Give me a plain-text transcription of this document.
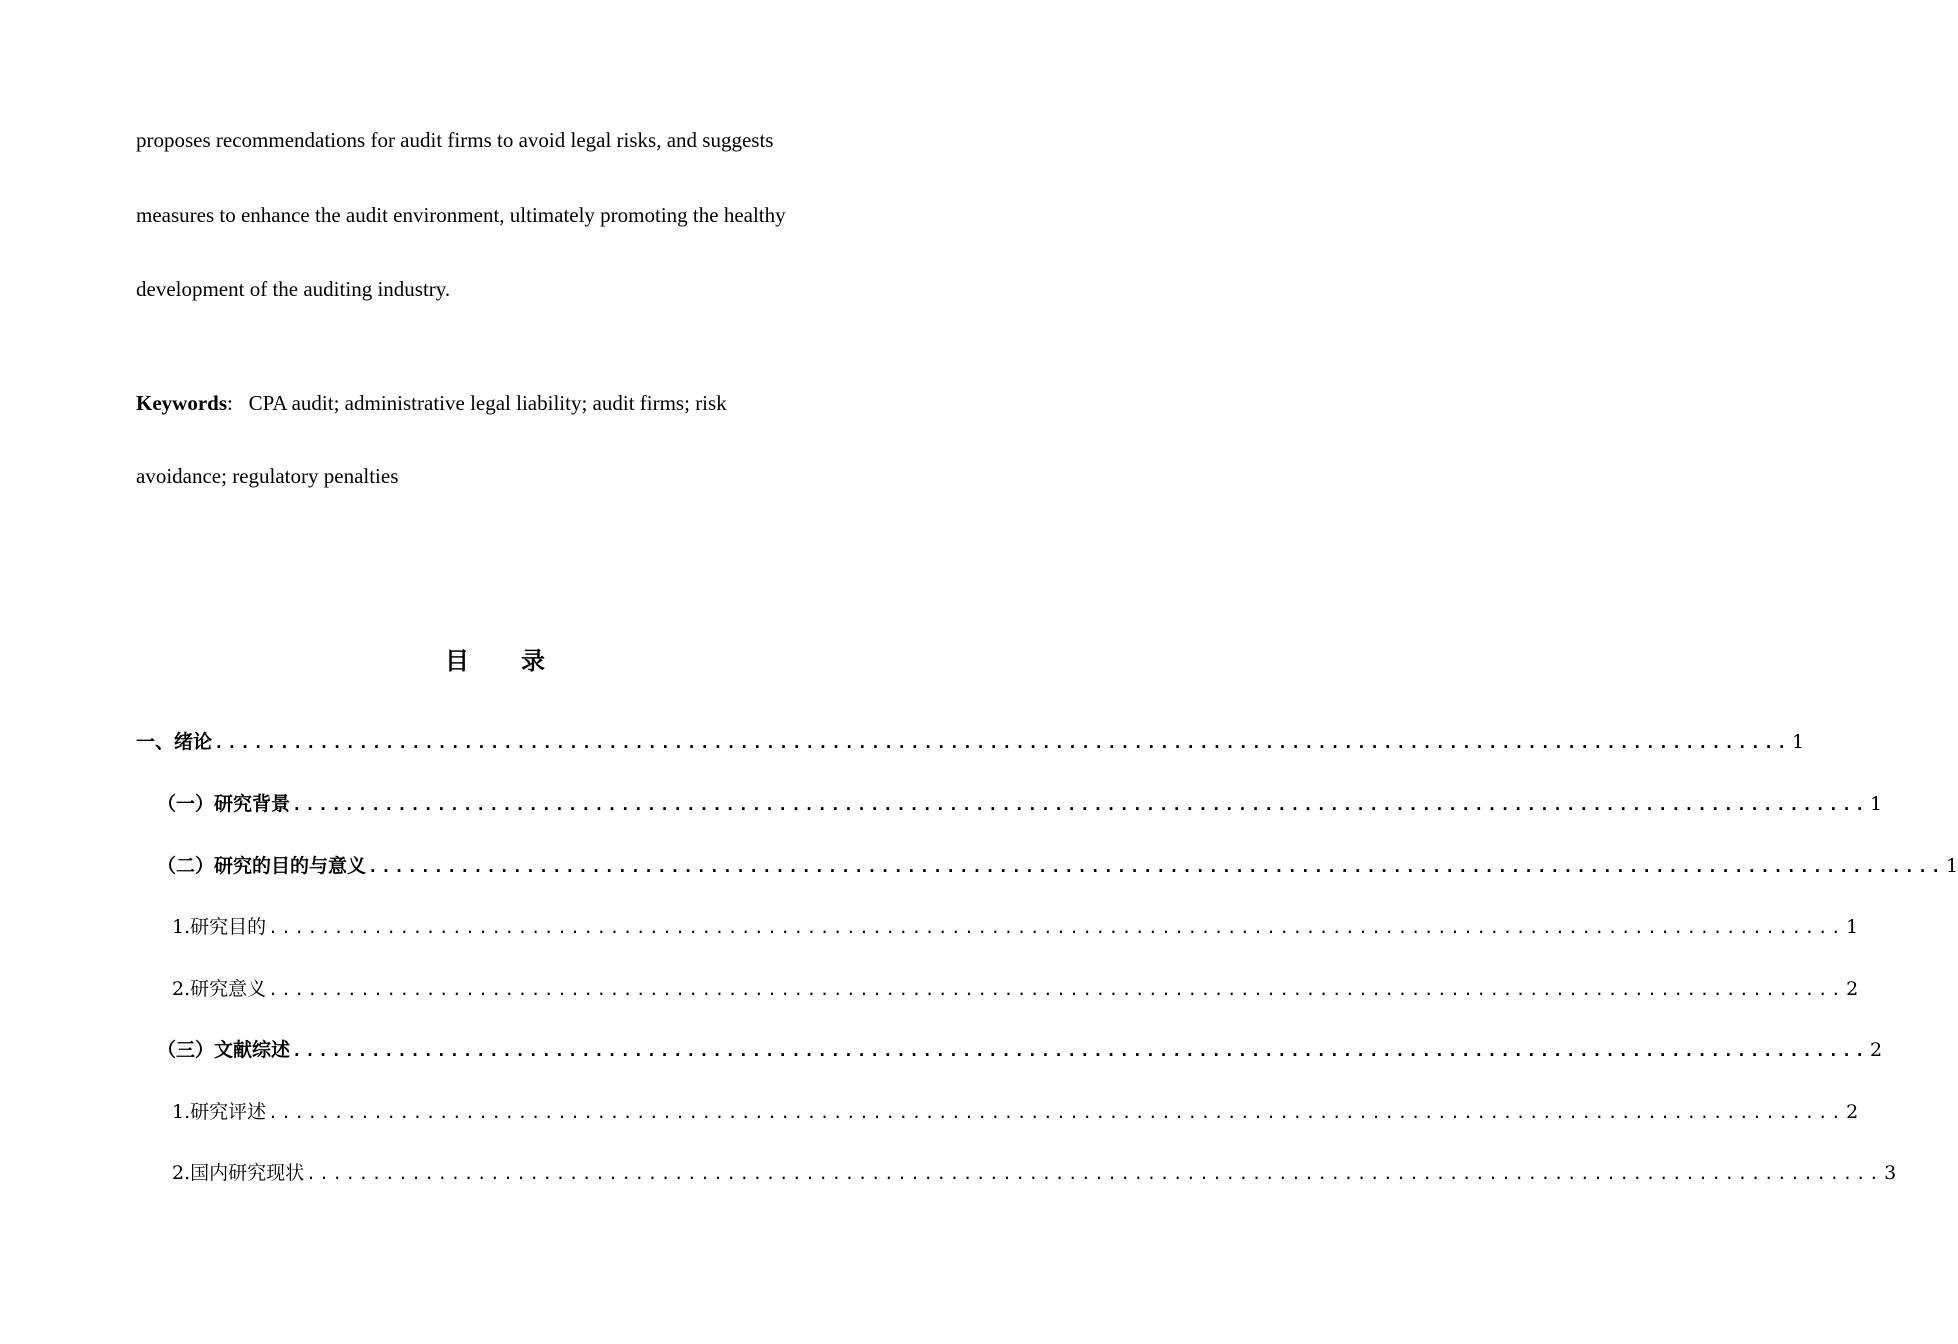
proposes recommendations for audit firms to avoid legal risks, and suggests
measures to enhance the audit environment, ultimately promoting the healthy
development of the auditing industry.
Keywords: CPA audit; administrative legal liability; audit firms; risk
avoidance; regulatory penalties
目 录
一、绪论 ........................................................................................................................ 1
（一）研究背景 ........................................................................................................................ 1
（二）研究的目的与意义 ........................................................................................................................ 1
1.研究目的 ........................................................................................................................ 1
2.研究意义 ........................................................................................................................ 2
（三）文献综述 ........................................................................................................................ 2
1.研究评述 ........................................................................................................................ 2
2.国内研究现状 ........................................................................................................................ 3
